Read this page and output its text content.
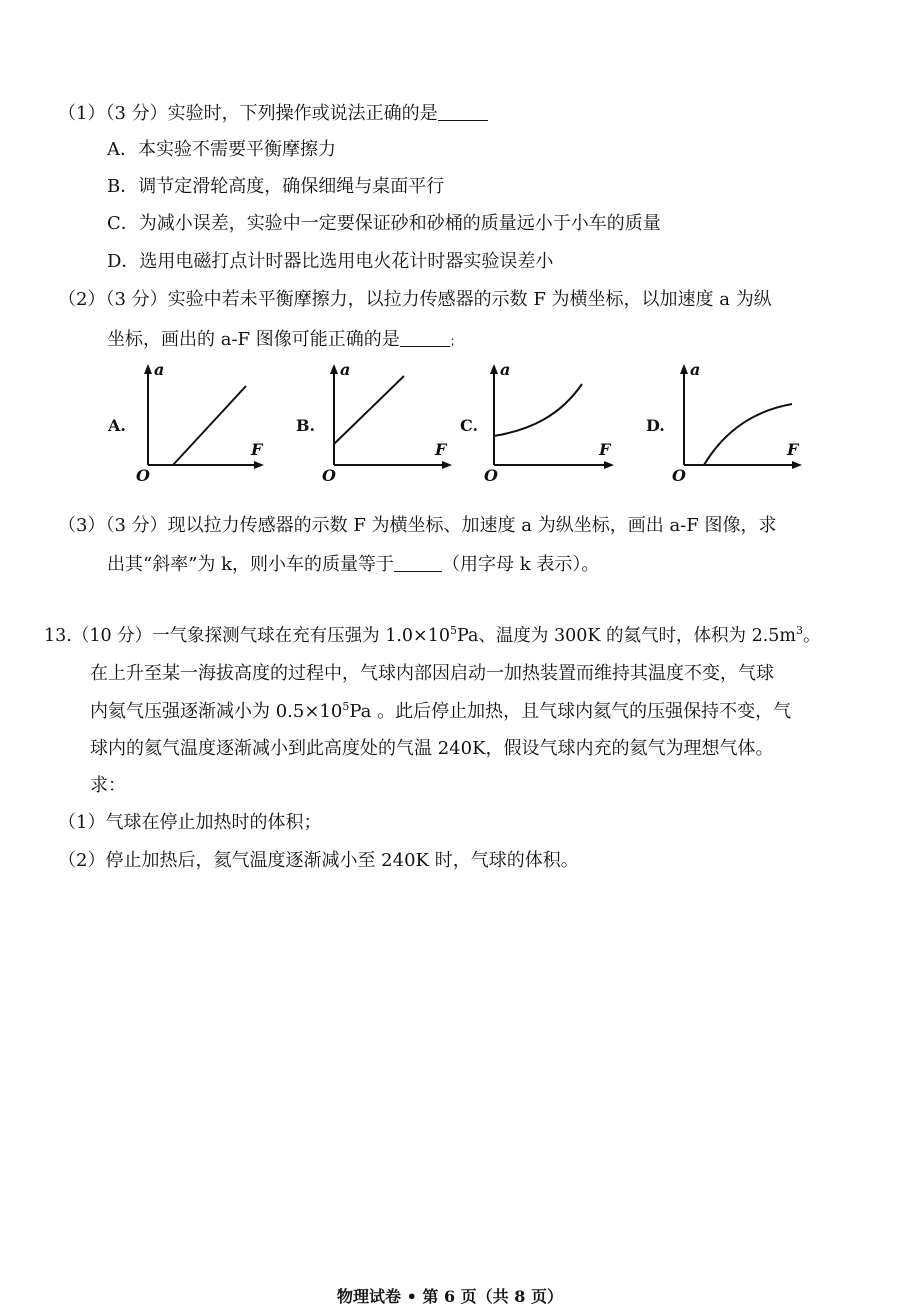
（1）（3 分）实验时，下列操作或说法正确的是
A．本实验不需要平衡摩擦力
B．调节定滑轮高度，确保细绳与桌面平行
C．为减小误差，实验中一定要保证砂和砂桶的质量远小于小车的质量
D．选用电磁打点计时器比选用电火花计时器实验误差小
（2）（3 分）实验中若未平衡摩擦力，以拉力传感器的示数 F 为横坐标，以加速度 a 为纵
坐标，画出的 a-F 图像可能正确的是	；
A.
a
F
O
B.
a
F
O
C.
a
F
O
D.
a
F
O
（3）（3 分）现以拉力传感器的示数 F 为横坐标、加速度 a 为纵坐标，画出 a-F 图像，求
出其“斜率”为 k，则小车的质量等于	（用字母 k 表示）。
13.（10 分）一气象探测气球在充有压强为 $1.0\times 10^5Pa$、温度为 300K 的氦气时，体积为 $2.5m^3$。
在上升至某一海拔高度的过程中，气球内部因启动一加热装置而维持其温度不变，气球
内氦气压强逐渐减小为 $0.5\times 10^5Pa$ 。此后停止加热，且气球内氦气的压强保持不变，气
球内的氦气温度逐渐减小到此高度处的气温 240K，假设气球内充的氦气为理想气体。
求：
（1）气球在停止加热时的体积；
（2）停止加热后，氦气温度逐渐减小至 240K 时，气球的体积。
物理试卷 • 第 6 页（共 8 页）
